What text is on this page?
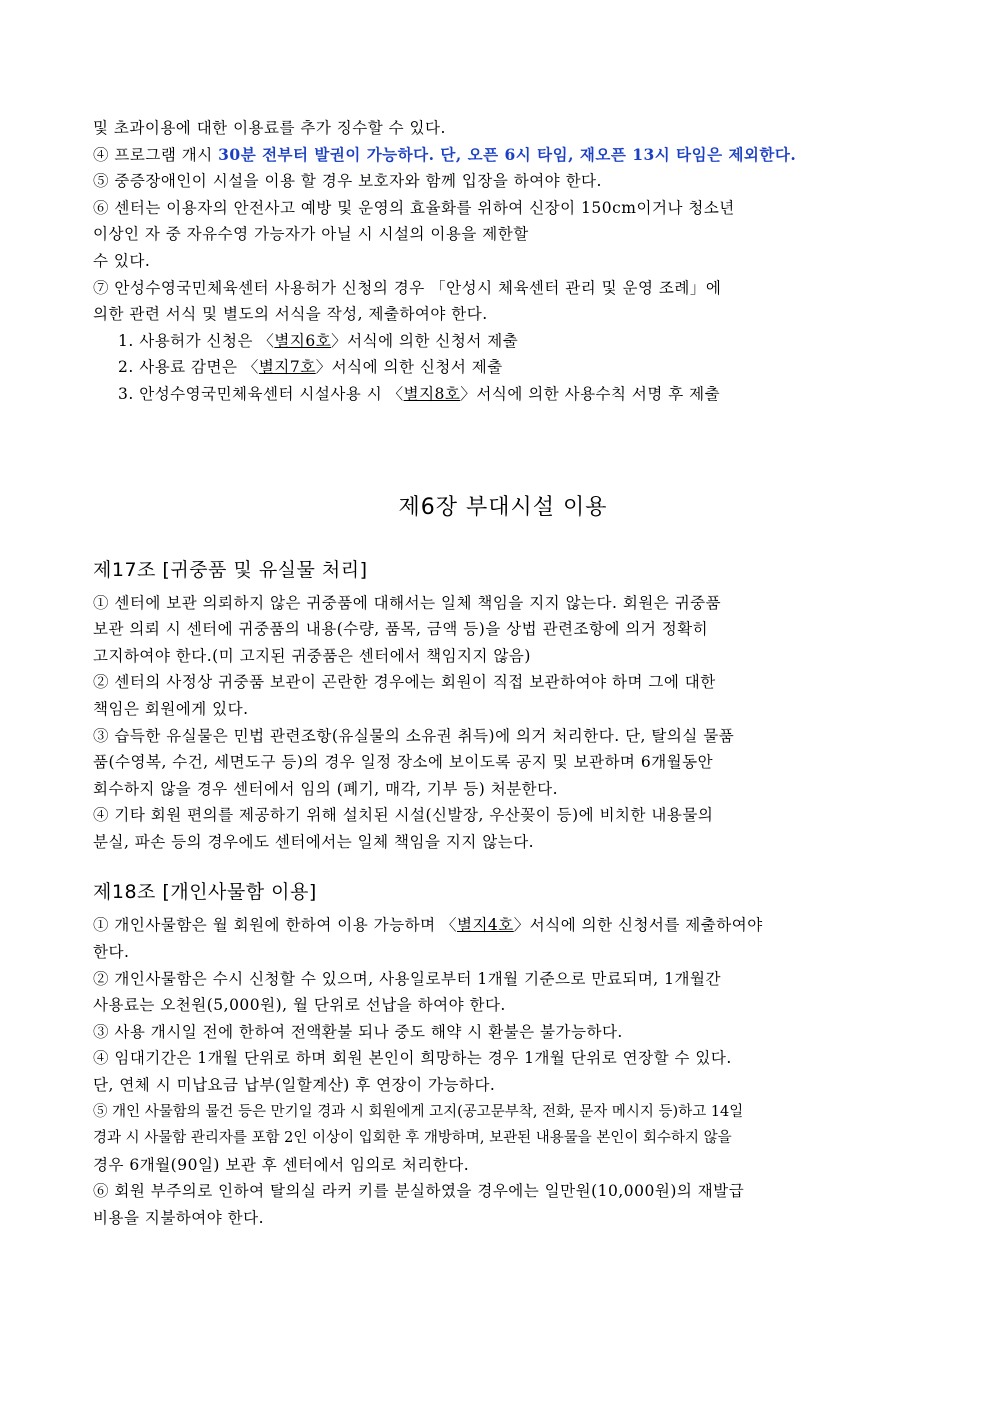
및 초과이용에 대한 이용료를 추가 징수할 수 있다.
④ 프로그램 개시 30분 전부터 발권이 가능하다. 단, 오픈 6시 타임, 재오픈 13시 타임은 제외한다.
⑤ 중증장애인이 시설을 이용 할 경우 보호자와 함께 입장을 하여야 한다.
⑥ 센터는 이용자의 안전사고 예방 및 운영의 효율화를 위하여 신장이 150cm이거나 청소년
이상인 자 중 자유수영 가능자가 아닐 시 시설의 이용을 제한할
수 있다.
⑦ 안성수영국민체육센터 사용허가 신청의 경우 「안성시 체육센터 관리 및 운영 조례」에
의한 관련 서식 및 별도의 서식을 작성, 제출하여야 한다.
1. 사용허가 신청은 〈별지6호〉서식에 의한 신청서 제출
2. 사용료 감면은 〈별지7호〉서식에 의한 신청서 제출
3. 안성수영국민체육센터 시설사용 시 〈별지8호〉서식에 의한 사용수칙 서명 후 제출
제6장 부대시설 이용
제17조 [귀중품 및 유실물 처리]
① 센터에 보관 의뢰하지 않은 귀중품에 대해서는 일체 책임을 지지 않는다. 회원은 귀중품
보관 의뢰 시 센터에 귀중품의 내용(수량, 품목, 금액 등)을 상법 관련조항에 의거 정확히
고지하여야 한다.(미 고지된 귀중품은 센터에서 책임지지 않음)
② 센터의 사정상 귀중품 보관이 곤란한 경우에는 회원이 직접 보관하여야 하며 그에 대한
책임은 회원에게 있다.
③ 습득한 유실물은 민법 관련조항(유실물의 소유권 취득)에 의거 처리한다. 단, 탈의실 물품
품(수영복, 수건, 세면도구 등)의 경우 일정 장소에 보이도록 공지 및 보관하며 6개월동안
회수하지 않을 경우 센터에서 임의 (폐기, 매각, 기부 등) 처분한다.
④ 기타 회원 편의를 제공하기 위해 설치된 시설(신발장, 우산꽂이 등)에 비치한 내용물의
분실, 파손 등의 경우에도 센터에서는 일체 책임을 지지 않는다.
제18조 [개인사물함 이용]
① 개인사물함은 월 회원에 한하여 이용 가능하며 〈별지4호〉서식에 의한 신청서를 제출하여야
한다.
② 개인사물함은 수시 신청할 수 있으며, 사용일로부터 1개월 기준으로 만료되며, 1개월간
사용료는 오천원(5,000원), 월 단위로 선납을 하여야 한다.
③ 사용 개시일 전에 한하여 전액환불 되나 중도 해약 시 환불은 불가능하다.
④ 임대기간은 1개월 단위로 하며 회원 본인이 희망하는 경우 1개월 단위로 연장할 수 있다.
단, 연체 시 미납요금 납부(일할계산) 후 연장이 가능하다.
⑤ 개인 사물함의 물건 등은 만기일 경과 시 회원에게 고지(공고문부착, 전화, 문자 메시지 등)하고 14일
경과 시 사물함 관리자를 포함 2인 이상이 입회한 후 개방하며, 보관된 내용물을 본인이 회수하지 않을
경우 6개월(90일) 보관 후 센터에서 임의로 처리한다.
⑥ 회원 부주의로 인하여 탈의실 라커 키를 분실하였을 경우에는 일만원(10,000원)의 재발급
비용을 지불하여야 한다.
